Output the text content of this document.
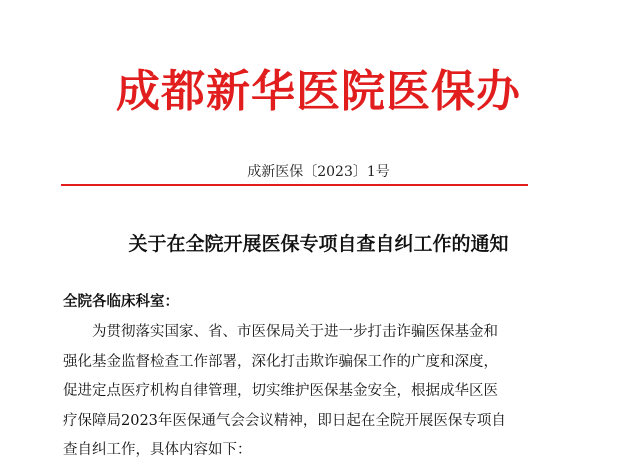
成都新华医院医保办
成新医保〔2023〕1号
关于在全院开展医保专项自查自纠工作的通知
全院各临床科室：
为贯彻落实国家、省、市医保局关于进一步打击诈骗医保基金和
强化基金监督检查工作部署，深化打击欺诈骗保工作的广度和深度，
促进定点医疗机构自律管理，切实维护医保基金安全，根据成华区医
疗保障局2023年医保通气会会议精神，即日起在全院开展医保专项自
查自纠工作，具体内容如下：
